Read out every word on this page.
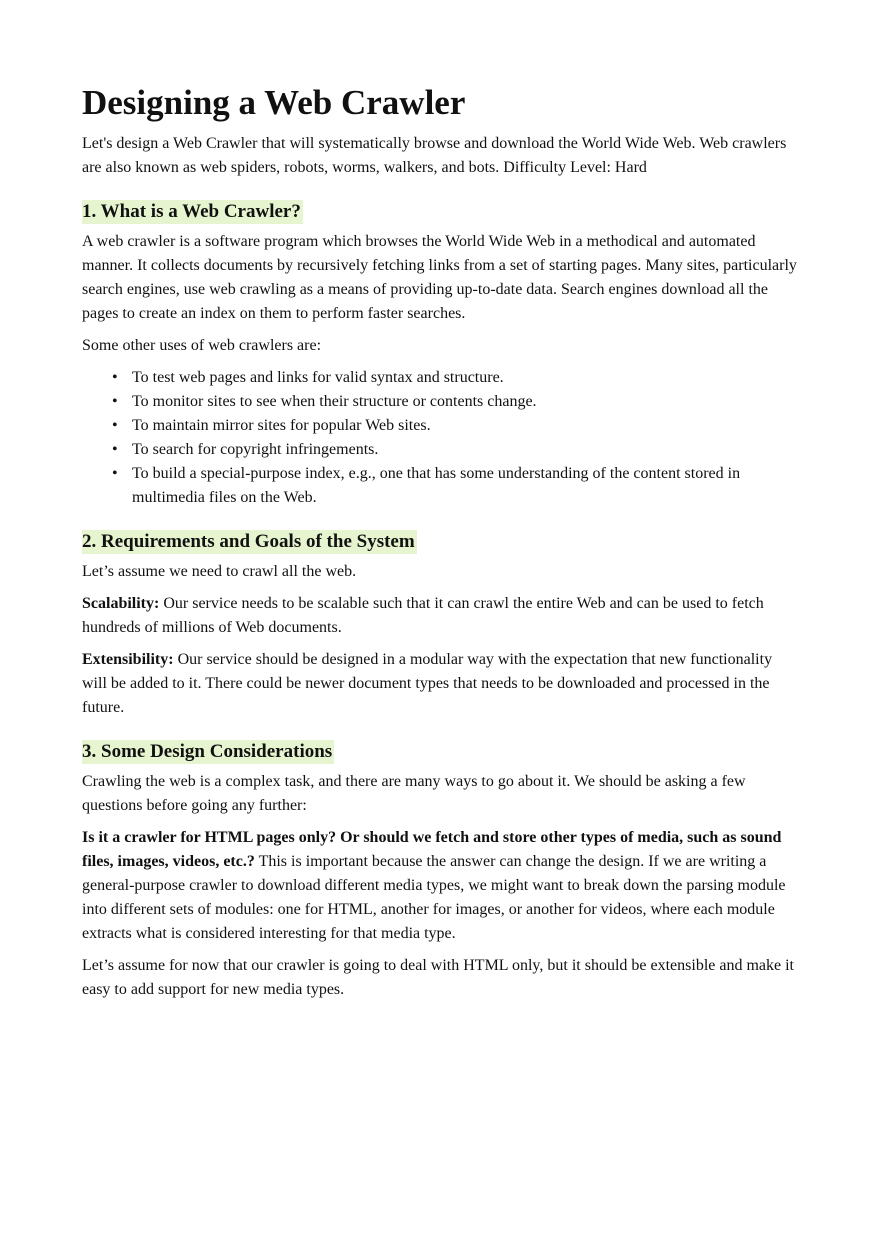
Designing a Web Crawler

Let's design a Web Crawler that will systematically browse and download the World Wide Web. Web crawlers are also known as web spiders, robots, worms, walkers, and bots. Difficulty Level: Hard

1. What is a Web Crawler?

A web crawler is a software program which browses the World Wide Web in a methodical and automated manner. It collects documents by recursively fetching links from a set of starting pages. Many sites, particularly search engines, use web crawling as a means of providing up-to-date data. Search engines download all the pages to create an index on them to perform faster searches.

Some other uses of web crawlers are:

• To test web pages and links for valid syntax and structure.
• To monitor sites to see when their structure or contents change.
• To maintain mirror sites for popular Web sites.
• To search for copyright infringements.
• To build a special-purpose index, e.g., one that has some understanding of the content stored in multimedia files on the Web.
2. Requirements and Goals of the System

Let’s assume we need to crawl all the web.

Scalability: Our service needs to be scalable such that it can crawl the entire Web and can be used to fetch hundreds of millions of Web documents.

Extensibility: Our service should be designed in a modular way with the expectation that new functionality will be added to it. There could be newer document types that needs to be downloaded and processed in the future.

3. Some Design Considerations

Crawling the web is a complex task, and there are many ways to go about it. We should be asking a few questions before going any further:

Is it a crawler for HTML pages only? Or should we fetch and store other types of media, such as sound files, images, videos, etc.? This is important because the answer can change the design. If we are writing a general-purpose crawler to download different media types, we might want to break down the parsing module into different sets of modules: one for HTML, another for images, or another for videos, where each module extracts what is considered interesting for that media type.

Let’s assume for now that our crawler is going to deal with HTML only, but it should be extensible and make it easy to add support for new media types.
